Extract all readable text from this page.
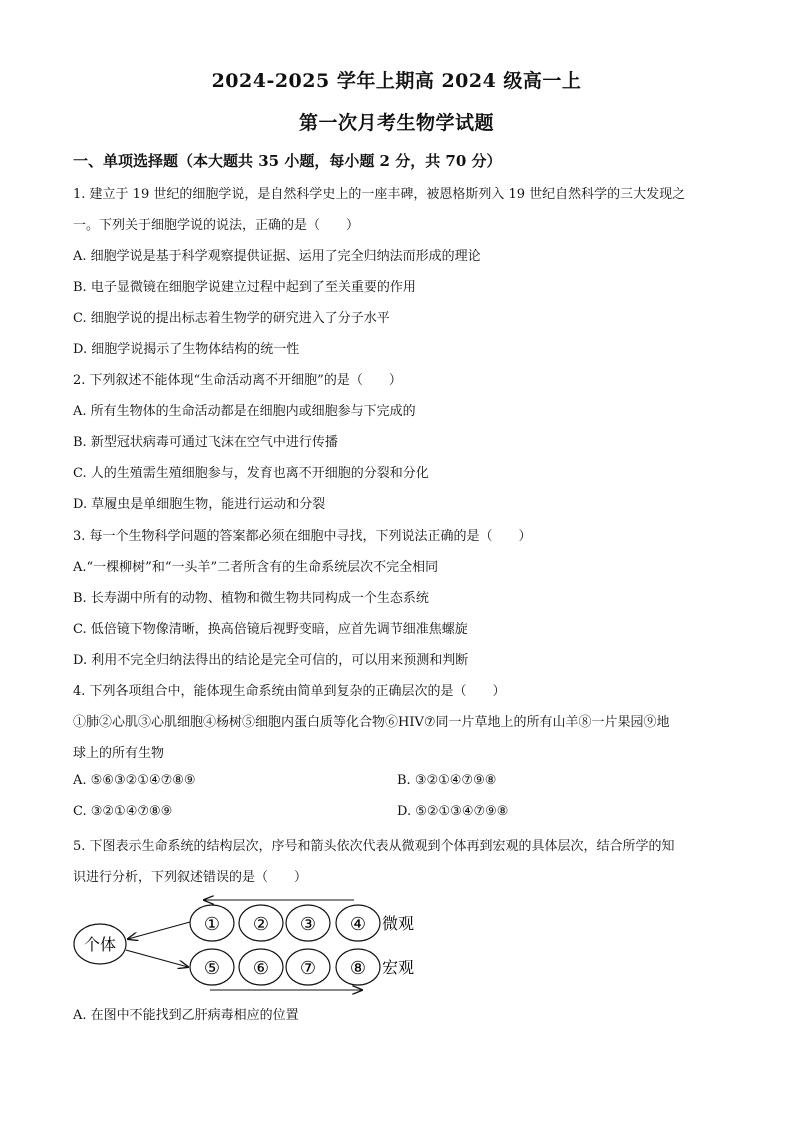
2024-2025 学年上期高 2024 级高一上
第一次月考生物学试题
一、单项选择题（本大题共 35 小题，每小题 2 分，共 70 分）
1. 建立于 19 世纪的细胞学说，是自然科学史上的一座丰碑，被恩格斯列入 19 世纪自然科学的三大发现之
一。下列关于细胞学说的说法，正确的是（　　）
A. 细胞学说是基于科学观察提供证据、运用了完全归纳法而形成的理论
B. 电子显微镜在细胞学说建立过程中起到了至关重要的作用
C. 细胞学说的提出标志着生物学的研究进入了分子水平
D. 细胞学说揭示了生物体结构的统一性
2. 下列叙述不能体现“生命活动离不开细胞”的是（　　）
A. 所有生物体的生命活动都是在细胞内或细胞参与下完成的
B. 新型冠状病毒可通过飞沫在空气中进行传播
C. 人的生殖需生殖细胞参与，发育也离不开细胞的分裂和分化
D. 草履虫是单细胞生物，能进行运动和分裂
3. 每一个生物科学问题的答案都必须在细胞中寻找，下列说法正确的是（　　）
A.“一棵柳树”和“一头羊”二者所含有的生命系统层次不完全相同
B. 长寿湖中所有的动物、植物和微生物共同构成一个生态系统
C. 低倍镜下物像清晰，换高倍镜后视野变暗，应首先调节细准焦螺旋
D. 利用不完全归纳法得出的结论是完全可信的，可以用来预测和判断
4. 下列各项组合中，能体现生命系统由简单到复杂的正确层次的是（　　）
①肺②心肌③心肌细胞④杨树⑤细胞内蛋白质等化合物⑥HIV⑦同一片草地上的所有山羊⑧一片果园⑨地
球上的所有生物
A. ⑤⑥③②①④⑦⑧⑨	B. ③②①④⑦⑨⑧
C. ③②①④⑦⑧⑨	D. ⑤②①③④⑦⑨⑧
5. 下图表示生命系统的结构层次，序号和箭头依次代表从微观到个体再到宏观的具体层次，结合所学的知
识进行分析，下列叙述错误的是（　　）
个体
① ② ③ ④ 微观
⑤ ⑥ ⑦ ⑧ 宏观
A. 在图中不能找到乙肝病毒相应的位置
